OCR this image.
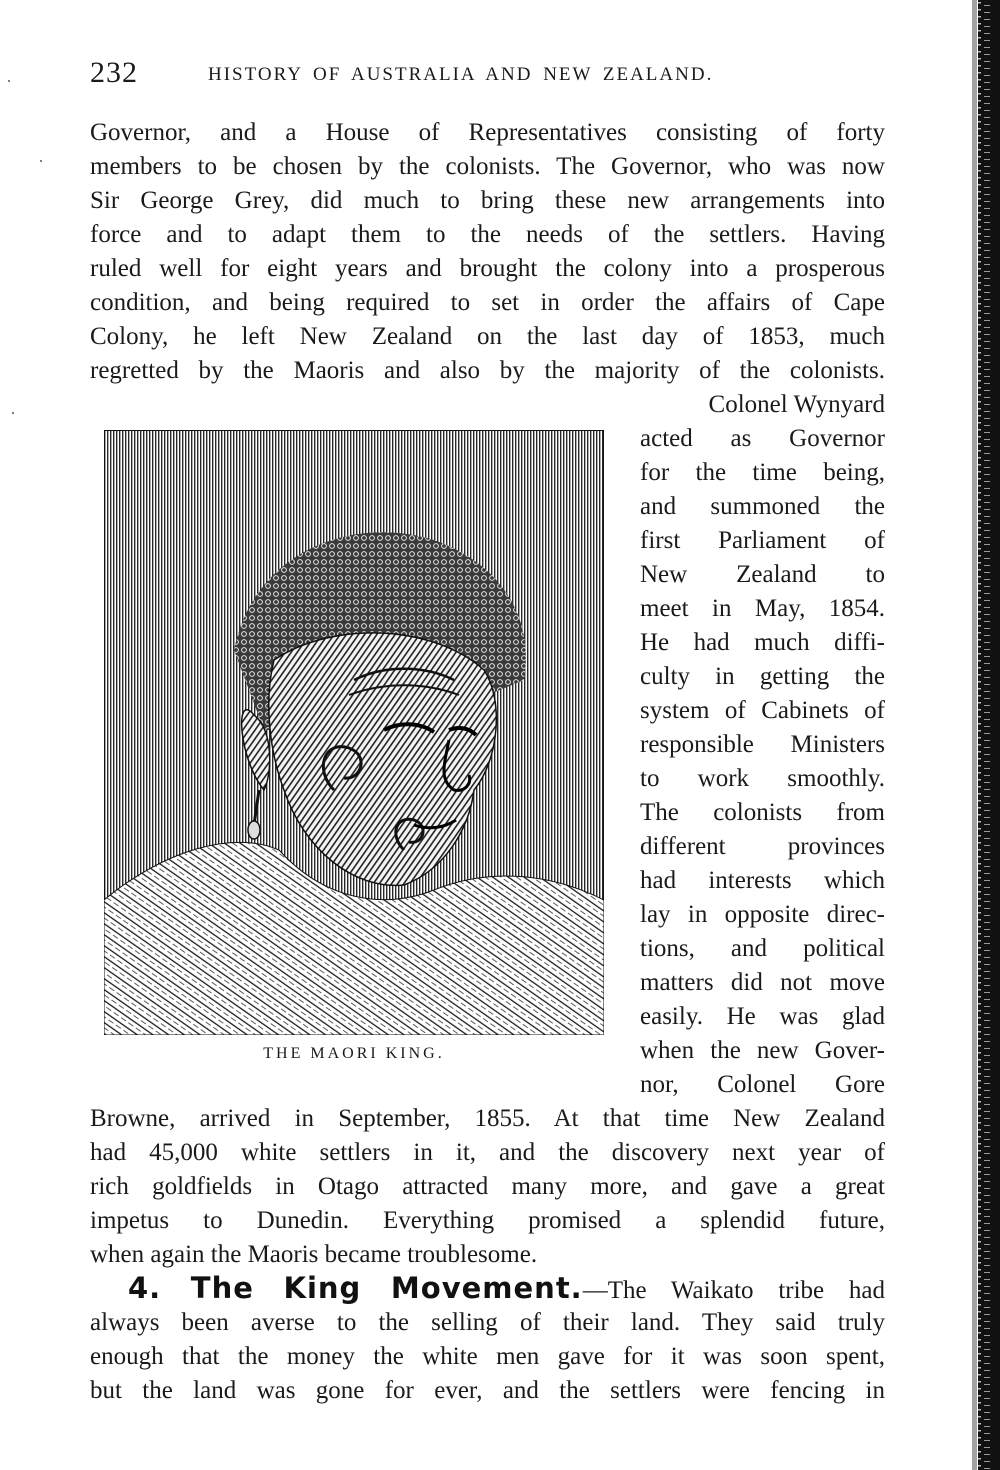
232	HISTORY OF AUSTRALIA AND NEW ZEALAND.
Governor, and a House of Representatives consisting of forty
members to be chosen by the colonists. The Governor, who was now
Sir George Grey, did much to bring these new arrangements into
force and to adapt them to the needs of the settlers. Having
ruled well for eight years and brought the colony into a prosperous
condition, and being required to set in order the affairs of Cape
Colony, he left New Zealand on the last day of 1853, much
regretted by the Maoris and also by the majority of the colonists.
Colonel Wynyard
acted as Governor
for the time being,
and summoned the
first Parliament of
New Zealand to
meet in May, 1854.
He had much diffi-
culty in getting the
system of Cabinets of
responsible Ministers
to work smoothly.
The colonists from
different provinces
had interests which
lay in opposite direc-
tions, and political
matters did not move
easily. He was glad
when the new Gover-
nor, Colonel Gore
THE MAORI KING.
Browne, arrived in September, 1855. At that time New Zealand
had 45,000 white settlers in it, and the discovery next year of
rich goldfields in Otago attracted many more, and gave a great
impetus to Dunedin. Everything promised a splendid future,
when again the Maoris became troublesome.
4. The King Movement.—The Waikato tribe had
always been averse to the selling of their land. They said truly
enough that the money the white men gave for it was soon spent,
but the land was gone for ever, and the settlers were fencing in
